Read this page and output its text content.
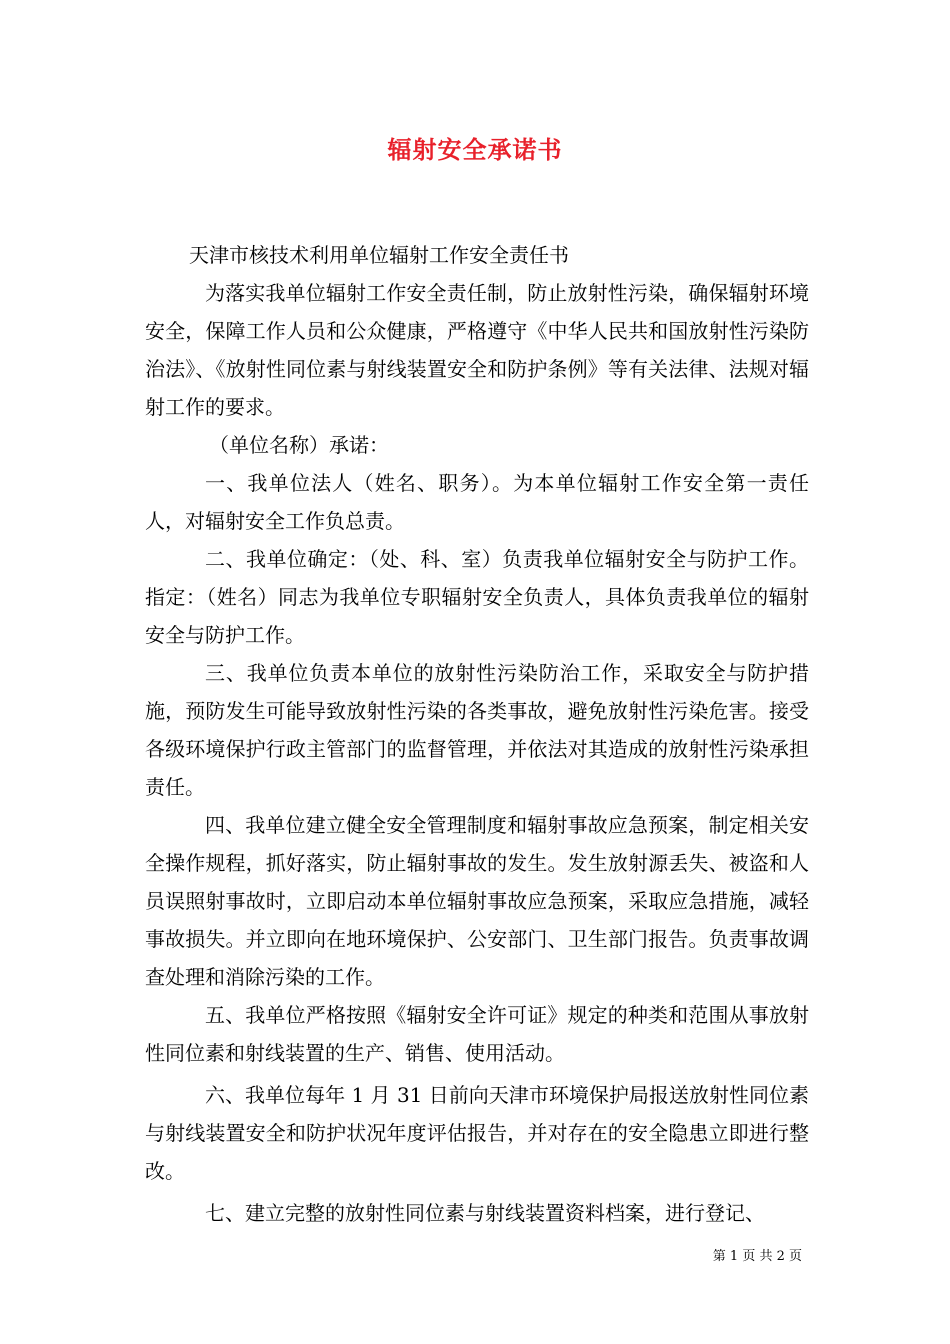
辐射安全承诺书

天津市核技术利用单位辐射工作安全责任书

为落实我单位辐射工作安全责任制，防止放射性污染，确保辐射环境安全，保障工作人员和公众健康，严格遵守《中华人民共和国放射性污染防治法》、《放射性同位素与射线装置安全和防护条例》等有关法律、法规对辐射工作的要求。

（单位名称）承诺：

一、我单位法人（姓名、职务）。为本单位辐射工作安全第一责任人，对辐射安全工作负总责。

二、我单位确定：（处、科、室）负责我单位辐射安全与防护工作。指定：（姓名）同志为我单位专职辐射安全负责人，具体负责我单位的辐射安全与防护工作。

三、我单位负责本单位的放射性污染防治工作，采取安全与防护措施，预防发生可能导致放射性污染的各类事故，避免放射性污染危害。接受各级环境保护行政主管部门的监督管理，并依法对其造成的放射性污染承担责任。

四、我单位建立健全安全管理制度和辐射事故应急预案，制定相关安全操作规程，抓好落实，防止辐射事故的发生。发生放射源丢失、被盗和人员误照射事故时，立即启动本单位辐射事故应急预案，采取应急措施，减轻事故损失。并立即向在地环境保护、公安部门、卫生部门报告。负责事故调查处理和消除污染的工作。

五、我单位严格按照《辐射安全许可证》规定的种类和范围从事放射性同位素和射线装置的生产、销售、使用活动。

六、我单位每年 1 月 31 日前向天津市环境保护局报送放射性同位素与射线装置安全和防护状况年度评估报告，并对存在的安全隐患立即进行整改。

七、建立完整的放射性同位素与射线装置资料档案，进行登记、

第 1 页 共 2 页
